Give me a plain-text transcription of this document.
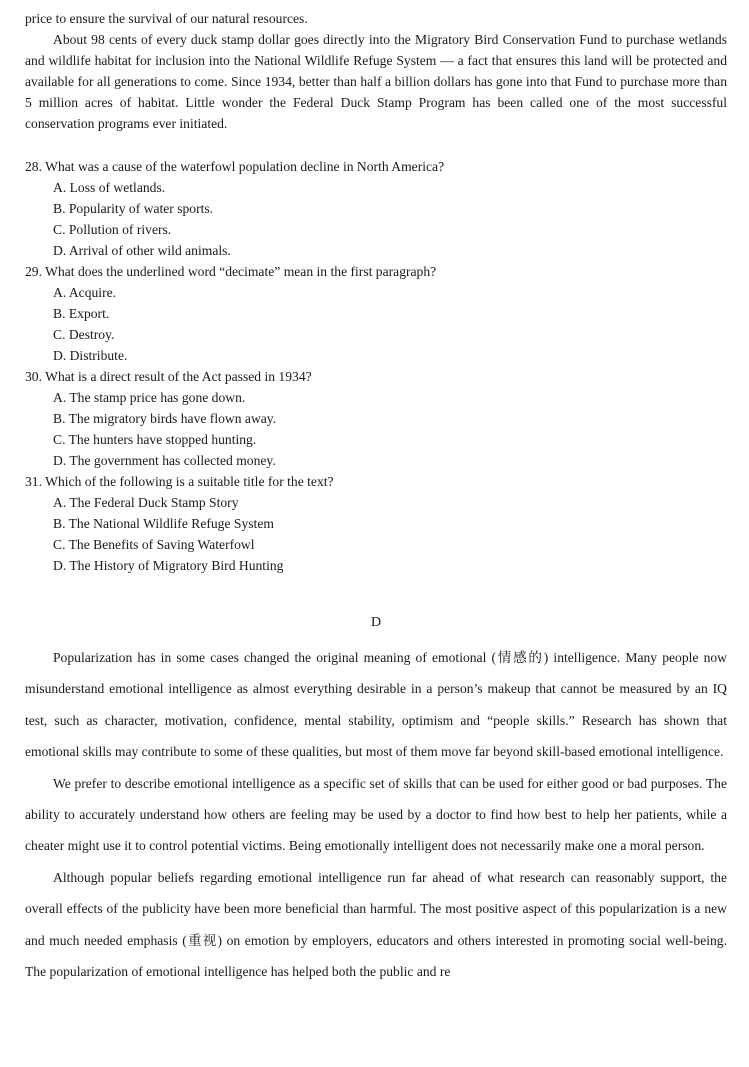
price to ensure the survival of our natural resources.

About 98 cents of every duck stamp dollar goes directly into the Migratory Bird Conservation Fund to purchase wetlands and wildlife habitat for inclusion into the National Wildlife Refuge System — a fact that ensures this land will be protected and available for all generations to come. Since 1934, better than half a billion dollars has gone into that Fund to purchase more than 5 million acres of habitat. Little wonder the Federal Duck Stamp Program has been called one of the most successful conservation programs ever initiated.

28. What was a cause of the waterfowl population decline in North America?

A. Loss of wetlands.

B. Popularity of water sports.

C. Pollution of rivers.

D. Arrival of other wild animals.

29. What does the underlined word “decimate” mean in the first paragraph?

A. Acquire.

B. Export.

C. Destroy.

D. Distribute.

30. What is a direct result of the Act passed in 1934?

A. The stamp price has gone down.

B. The migratory birds have flown away.

C. The hunters have stopped hunting.

D. The government has collected money.

31. Which of the following is a suitable title for the text?

A. The Federal Duck Stamp Story

B. The National Wildlife Refuge System

C. The Benefits of Saving Waterfowl

D. The History of Migratory Bird Hunting

D

Popularization has in some cases changed the original meaning of emotional (情感的) intelligence. Many people now misunderstand emotional intelligence as almost everything desirable in a person’s makeup that cannot be measured by an IQ test, such as character, motivation, confidence, mental stability, optimism and “people skills.” Research has shown that emotional skills may contribute to some of these qualities, but most of them move far beyond skill-based emotional intelligence.

We prefer to describe emotional intelligence as a specific set of skills that can be used for either good or bad purposes. The ability to accurately understand how others are feeling may be used by a doctor to find how best to help her patients, while a cheater might use it to control potential victims. Being emotionally intelligent does not necessarily make one a moral person.

Although popular beliefs regarding emotional intelligence run far ahead of what research can reasonably support, the overall effects of the publicity have been more beneficial than harmful. The most positive aspect of this popularization is a new and much needed emphasis (重视) on emotion by employers, educators and others interested in promoting social well-being. The popularization of emotional intelligence has helped both the public and re
